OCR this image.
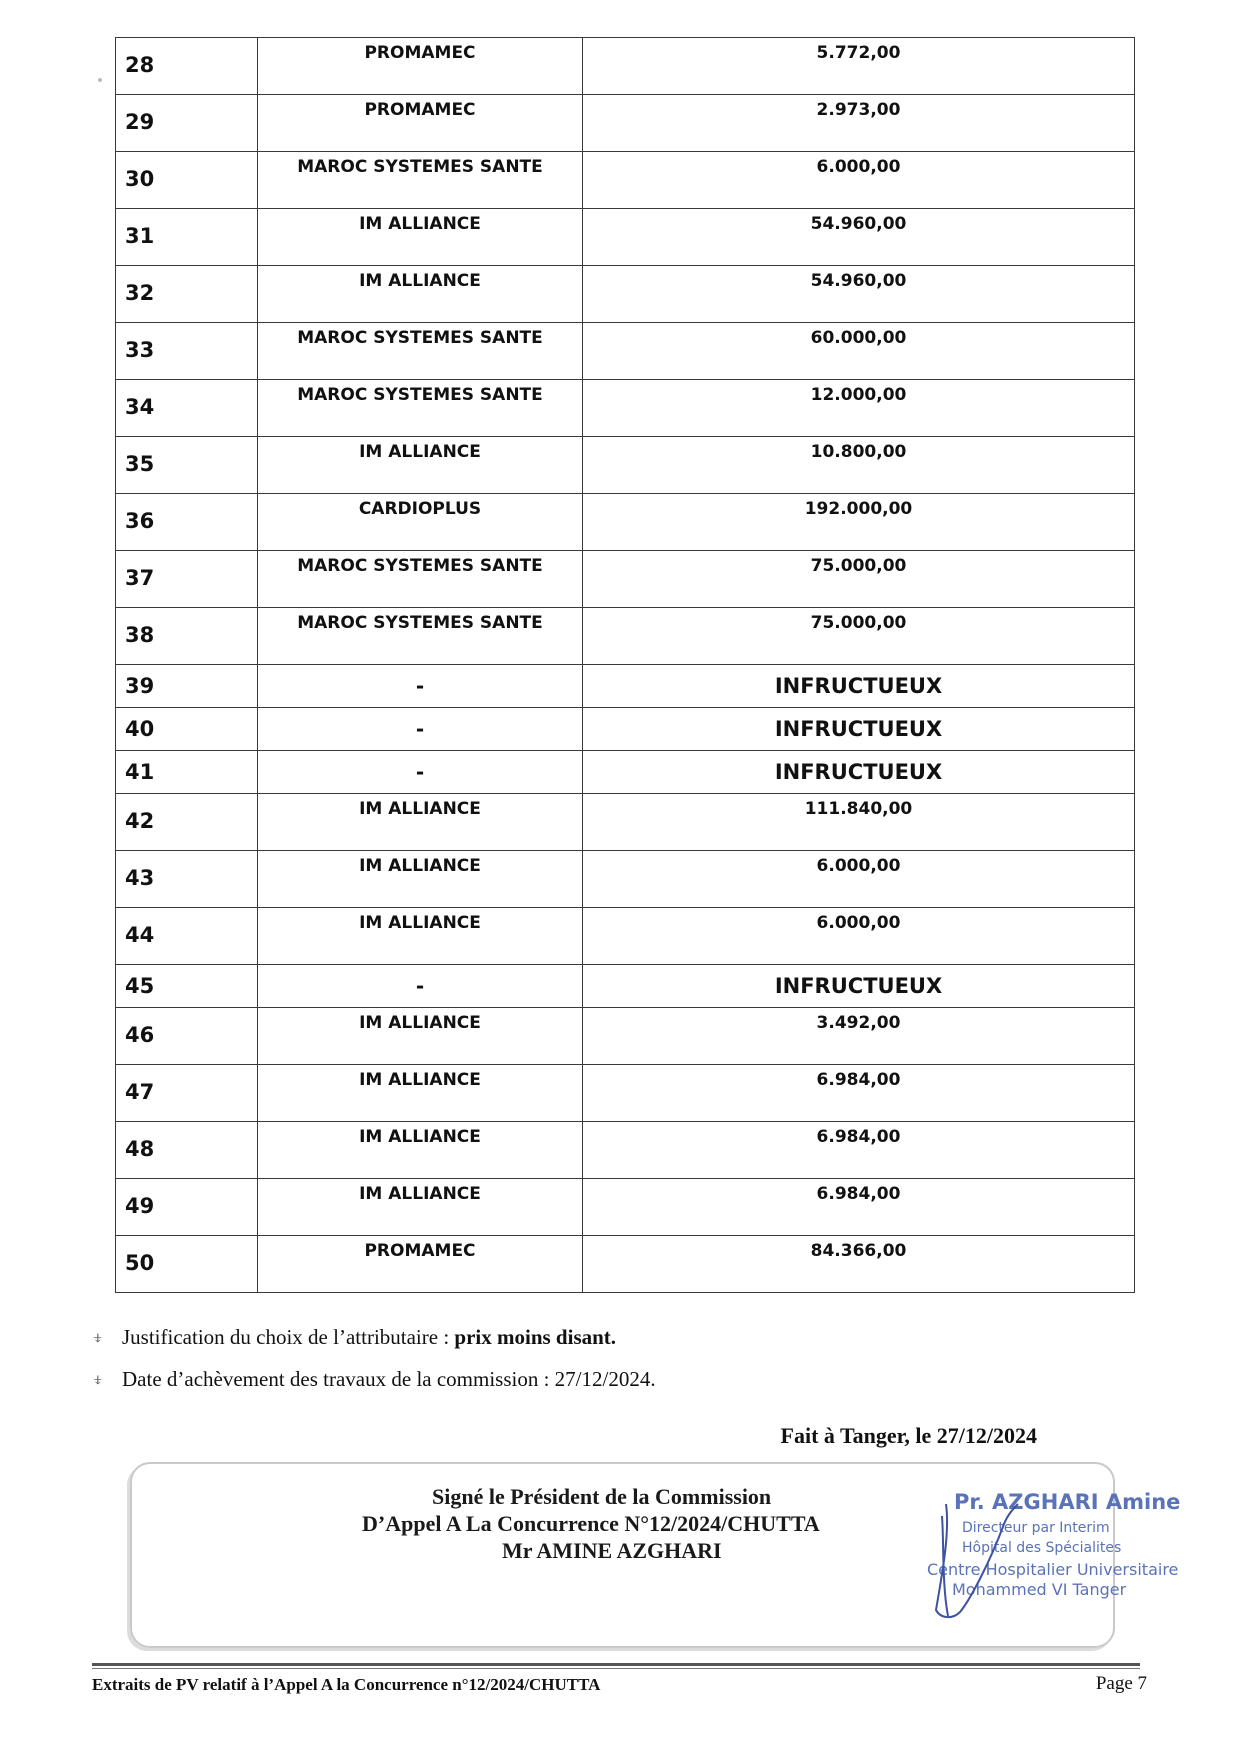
28	PROMAMEC	5.772,00
29	PROMAMEC	2.973,00
30	MAROC SYSTEMES SANTE	6.000,00
31	IM ALLIANCE	54.960,00
32	IM ALLIANCE	54.960,00
33	MAROC SYSTEMES SANTE	60.000,00
34	MAROC SYSTEMES SANTE	12.000,00
35	IM ALLIANCE	10.800,00
36	CARDIOPLUS	192.000,00
37	MAROC SYSTEMES SANTE	75.000,00
38	MAROC SYSTEMES SANTE	75.000,00
39	-	INFRUCTUEUX
40	-	INFRUCTUEUX
41	-	INFRUCTUEUX
42	IM ALLIANCE	111.840,00
43	IM ALLIANCE	6.000,00
44	IM ALLIANCE	6.000,00
45	-	INFRUCTUEUX
46	IM ALLIANCE	3.492,00
47	IM ALLIANCE	6.984,00
48	IM ALLIANCE	6.984,00
49	IM ALLIANCE	6.984,00
50	PROMAMEC	84.366,00
⍖ Justification du choix de l’attributaire : prix moins disant.
⍖ Date d’achèvement des travaux de la commission : 27/12/2024.
Fait à Tanger, le 27/12/2024
Signé le Président de la Commission
D’Appel A La Concurrence N°12/2024/CHUTTA
Mr AMINE AZGHARI
Pr. AZGHARI Amine
Directeur par Interim
Hôpital des Spécialites
Centre Hospitalier Universitaire
Mohammed VI Tanger
Extraits de PV relatif à l’Appel A la Concurrence n°12/2024/CHUTTA	Page 7
